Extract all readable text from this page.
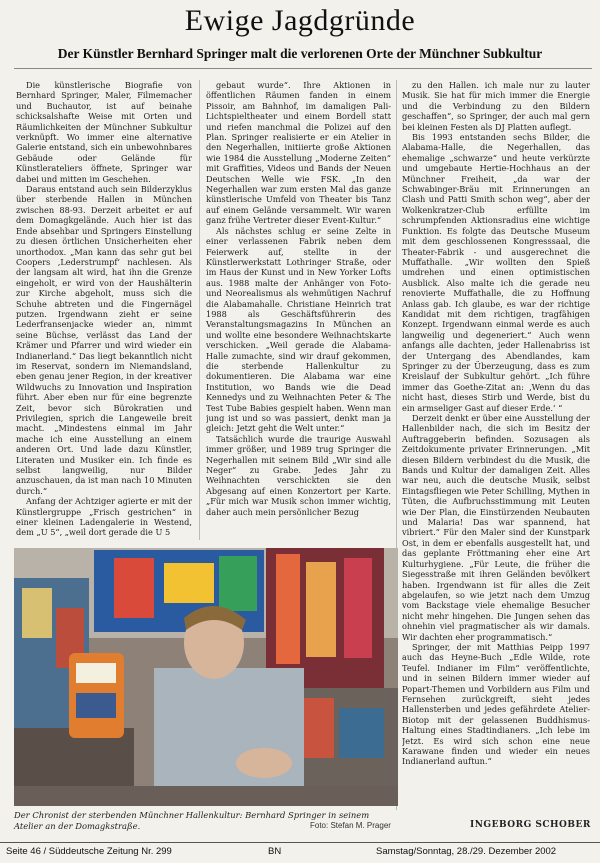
Ewige Jagdgründe
Der Künstler Bernhard Springer malt die verlorenen Orte der Münchner Subkultur

Die künstlerische Biografie von Bernhard Springer, Maler, Filmemacher und Buchautor, ist auf beinahe schicksalshafte Weise mit Orten und Räumlichkeiten der Münchner Subkultur verknüpft. Wo immer eine alternative Galerie entstand, sich ein unbewohnbares Gebäude oder Gelände für Künstlerateliers öffnete, Springer war dabei und mitten im Geschehen.

Daraus entstand auch sein Bilderzyklus über sterbende Hallen in München zwischen 88-93. Derzeit arbeitet er auf dem Domagkgelände. Auch hier ist das Ende absehbar und Springers Einstellung zu diesen örtlichen Unsicherheiten eher unorthodox. „Man kann das sehr gut bei Coopers ‚Lederstrumpf‘ nachlesen. Als der langsam alt wird, hat ihn die Grenze eingeholt, er wird von der Haushälterin zur Kirche abgeholt, muss sich die Schuhe abtreten und die Fingernägel putzen. Irgendwann zieht er seine Lederfransenjacke wieder an, nimmt seine Büchse, verlässt das Land der Krämer und Pfarrer und wird wieder ein Indianerland.“ Das liegt bekanntlich nicht im Reservat, sondern im Niemandsland, eben genau jener Region, in der kreativer Wildwuchs zu Innovation und Inspiration führt. Aber eben nur für eine begrenzte Zeit, bevor sich Bürokratien und Privilegien, sprich die Langeweile breit macht. „Mindestens einmal im Jahr mache ich eine Ausstellung an einem anderen Ort. Und lade dazu Künstler, Literaten und Musiker ein. Ich finde es selbst langweilig, nur Bilder anzuschauen, da ist man nach 10 Minuten durch.“

Anfang der Achtziger agierte er mit der Künstlergruppe „Frisch gestrichen“ in einer kleinen Ladengalerie in Westend, dem „U 5“, „weil dort gerade die U 5

gebaut wurde“. Ihre Aktionen in öffentlichen Räumen fanden in einem Pissoir, am Bahnhof, im damaligen Pali-Lichtspieltheater und einem Bordell statt und riefen manchmal die Polizei auf den Plan. Springer realisierte er ein Atelier in den Negerhallen, initiierte große Aktionen wie 1984 die Ausstellung „Moderne Zeiten“ mit Graffities, Videos und Bands der Neuen Deutschen Welle wie FSK. „In den Negerhallen war zum ersten Mal das ganze künstlerische Umfeld von Theater bis Tanz auf einem Gelände versammelt. Wir waren ganz frühe Vertreter dieser Event-Kultur.“

Als nächstes schlug er seine Zelte in einer verlassenen Fabrik neben dem Feierwerk auf, stellte in der Künstlerwerkstatt Lothringer Straße, oder im Haus der Kunst und in New Yorker Lofts aus. 1988 malte der Anhänger von Foto- und Neorealismus als wehmütigen Nachruf die Alabamahalle. Christiane Heinrich trat 1988 als Geschäftsführerin des Veranstaltungsmagazins In München an und wollte eine besondere Weihnachtskarte verschicken. „Weil gerade die Alabama-Halle zumachte, sind wir drauf gekommen, die sterbende Hallenkultur zu dokumentieren. Die Alabama war eine Institution, wo Bands wie die Dead Kennedys und zu Weihnachten Peter & The Test Tube Babies gespielt haben. Wenn man jung ist und so was passiert, denkt man ja gleich: Jetzt geht die Welt unter.“

Tatsächlich wurde die traurige Auswahl immer größer, und 1989 trug Springer die Negerhallen mit seinem Bild „Wir sind alle Neger“ zu Grabe. Jedes Jahr zu Weihnachten verschickten sie den Abgesang auf einen Konzertort per Karte. „Für mich war Musik schon immer wichtig, daher auch mein persönlicher Bezug

zu den Hallen. ich male nur zu lauter Musik. Sie hat für mich immer die Energie und die Verbindung zu den Bildern geschaffen“, so Springer, der auch mal gern bei kleinen Festen als DJ Platten auflegt.

Bis 1993 entstanden sechs Bilder, die Alabama-Halle, die Negerhallen, das ehemalige „schwarze“ und heute verkürzte und umgebaute Hertie-Hochhaus an der Münchner Freiheit, „da war der Schwabinger-Bräu mit Erinnerungen an Clash und Patti Smith schon weg“, aber der Wolkenkratzer-Club erfüllte im schrumpfenden Aktionsradius eine wichtige Funktion. Es folgte das Deutsche Museum mit dem geschlossenen Kongresssaal, die Theater-Fabrik - und ausgerechnet die Muffathalle. „Wir wollten den Spieß umdrehen und einen optimistischen Ausblick. Also malte ich die gerade neu renovierte Muffathalle, die zu Hoffnung Anlass gab. Ich glaube, es war der richtige Kandidat mit dem richtigen, tragfähigen Konzept. Irgendwann einmal werde es auch langweilig und degeneriert.“ Auch wenn anfangs alle dachten, jeder Hallenabriss ist der Untergang des Abendlandes, kam Springer zu der Überzeugung, dass es zum Kreislauf der Subkultur gehört. „Ich führe immer das Goethe-Zitat an: ‚Wenn du das nicht hast, dieses Stirb und Werde, bist du ein armseliger Gast auf dieser Erde.‘ “

Derzeit denkt er über eine Ausstellung der Hallenbilder nach, die sich im Besitz der Auftraggeberin befinden. Sozusagen als Zeitdokumente privater Erinnerungen. „Mit diesen Bildern verbindest du die Musik, die Bands und Kultur der damaligen Zeit. Alles war neu, auch die deutsche Musik, selbst Eintagsfliegen wie Peter Schilling, Mythen in Tüten, die Aufbruchsstimmung mit Leuten wie Der Plan, die Einstürzenden Neubauten und Malaria! Das war spannend, hat vibriert.“ Für den Maler sind der Kunstpark Ost, in dem er ebenfalls ausgestellt hat, und das geplante Fröttmaning eher eine Art Kulturhygiene. „Für Leute, die früher die Siegesstraße mit ihren Geländen bevölkert haben. Irgendwann ist für alles die Zeit abgelaufen, so wie jetzt nach dem Umzug vom Backstage viele ehemalige Besucher nicht mehr hingehen. Die Jungen sehen das ohnehin viel pragmatischer als wir damals. Wir dachten eher programmatisch.“

Springer, der mit Matthias Peipp 1997 auch das Heyne-Buch „Edle Wilde, rote Teufel. Indianer im Film“ veröffentlichte, und in seinen Bildern immer wieder auf Popart-Themen und Vorbildern aus Film und Fernsehen zurückgreift, sieht jedes Hallensterben und jedes gefährdete Atelier-Biotop mit der gelassenen Buddhismus-Haltung eines Stadtindianers. „Ich lebe im Jetzt. Es wird sich schon eine neue Karawane finden und wieder ein neues Indianerland auftun.“

Der Chronist der sterbenden Münchner Hallenkultur: Bernhard Springer in seinem Atelier an der Domagkstraße.	Foto: Stefan M. Prager	INGEBORG SCHOBER
Seite 46 / Süddeutsche Zeitung Nr. 299	BN	Samstag/Sonntag, 28./29. Dezember 2002
